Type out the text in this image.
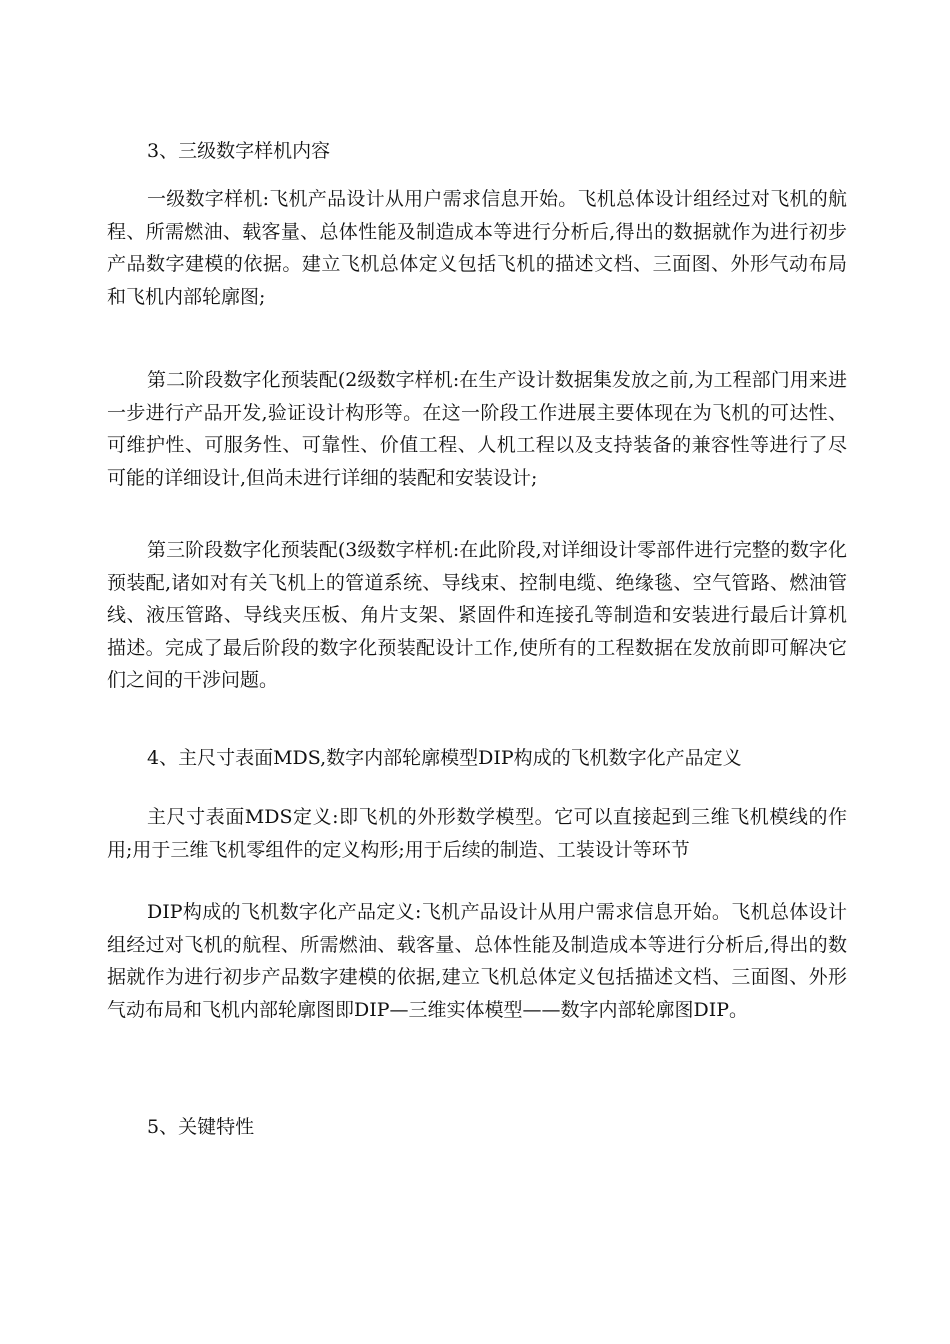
3、三级数字样机内容

一级数字样机:飞机产品设计从用户需求信息开始。飞机总体设计组经过对飞机的航程、所需燃油、载客量、总体性能及制造成本等进行分析后,得出的数据就作为进行初步产品数字建模的依据。建立飞机总体定义包括飞机的描述文档、三面图、外形气动布局和飞机内部轮廓图;

第二阶段数字化预装配(2级数字样机:在生产设计数据集发放之前,为工程部门用来进一步进行产品开发,验证设计构形等。在这一阶段工作进展主要体现在为飞机的可达性、可维护性、可服务性、可靠性、价值工程、人机工程以及支持装备的兼容性等进行了尽可能的详细设计,但尚未进行详细的装配和安装设计;

第三阶段数字化预装配(3级数字样机:在此阶段,对详细设计零部件进行完整的数字化预装配,诸如对有关飞机上的管道系统、导线束、控制电缆、绝缘毯、空气管路、燃油管线、液压管路、导线夹压板、角片支架、紧固件和连接孔等制造和安装进行最后计算机描述。完成了最后阶段的数字化预装配设计工作,使所有的工程数据在发放前即可解决它们之间的干涉问题。

4、主尺寸表面MDS,数字内部轮廓模型DIP构成的飞机数字化产品定义

主尺寸表面MDS定义:即飞机的外形数学模型。它可以直接起到三维飞机模线的作用;用于三维飞机零组件的定义构形;用于后续的制造、工装设计等环节

DIP构成的飞机数字化产品定义:飞机产品设计从用户需求信息开始。飞机总体设计组经过对飞机的航程、所需燃油、载客量、总体性能及制造成本等进行分析后,得出的数据就作为进行初步产品数字建模的依据,建立飞机总体定义包括描述文档、三面图、外形气动布局和飞机内部轮廓图即DIP—三维实体模型——数字内部轮廓图DIP。

5、关键特性
